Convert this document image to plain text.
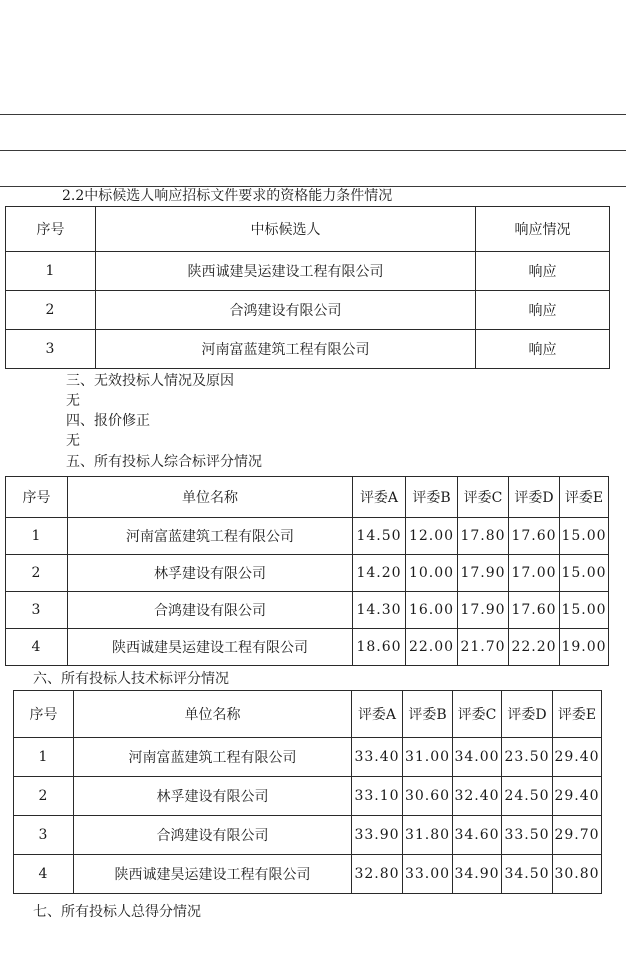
2.2中标候选人响应招标文件要求的资格能力条件情况
序号	中标候选人	响应情况
1	陕西诚建昊运建设工程有限公司	响应
2	合鸿建设有限公司	响应
3	河南富蓝建筑工程有限公司	响应
三、无效投标人情况及原因
无
四、报价修正
无
五、所有投标人综合标评分情况
序号	单位名称	评委A	评委B	评委C	评委D	评委E
1	河南富蓝建筑工程有限公司	14.50	12.00	17.80	17.60	15.00
2	林孚建设有限公司	14.20	10.00	17.90	17.00	15.00
3	合鸿建设有限公司	14.30	16.00	17.90	17.60	15.00
4	陕西诚建昊运建设工程有限公司	18.60	22.00	21.70	22.20	19.00
六、所有投标人技术标评分情况
序号	单位名称	评委A	评委B	评委C	评委D	评委E
1	河南富蓝建筑工程有限公司	33.40	31.00	34.00	23.50	29.40
2	林孚建设有限公司	33.10	30.60	32.40	24.50	29.40
3	合鸿建设有限公司	33.90	31.80	34.60	33.50	29.70
4	陕西诚建昊运建设工程有限公司	32.80	33.00	34.90	34.50	30.80
七、所有投标人总得分情况
